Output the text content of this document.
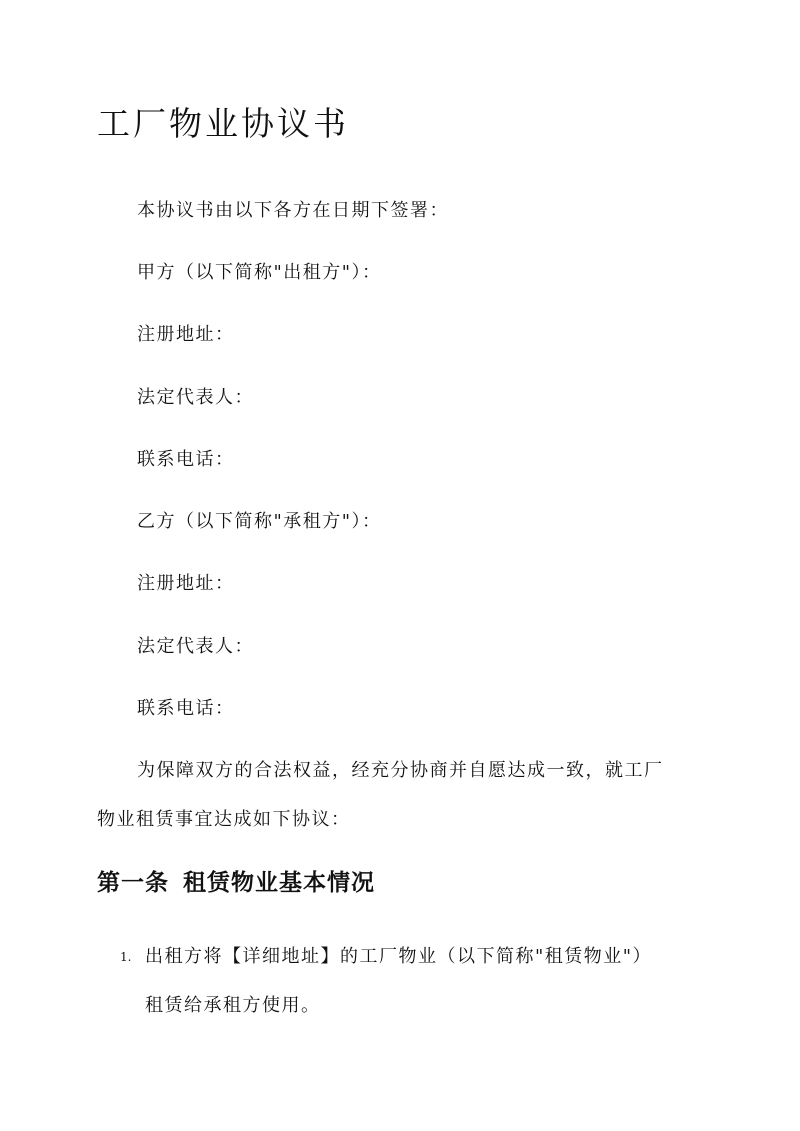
工厂物业协议书

本协议书由以下各方在日期下签署：

甲方（以下简称"出租方"）：

注册地址：

法定代表人：

联系电话：

乙方（以下简称"承租方"）：

注册地址：

法定代表人：

联系电话：

为保障双方的合法权益，经充分协商并自愿达成一致，就工厂

物业租赁事宜达成如下协议：

第一条 租赁物业基本情况

1. 出租方将【详细地址】的工厂物业（以下简称"租赁物业"）

租赁给承租方使用。
